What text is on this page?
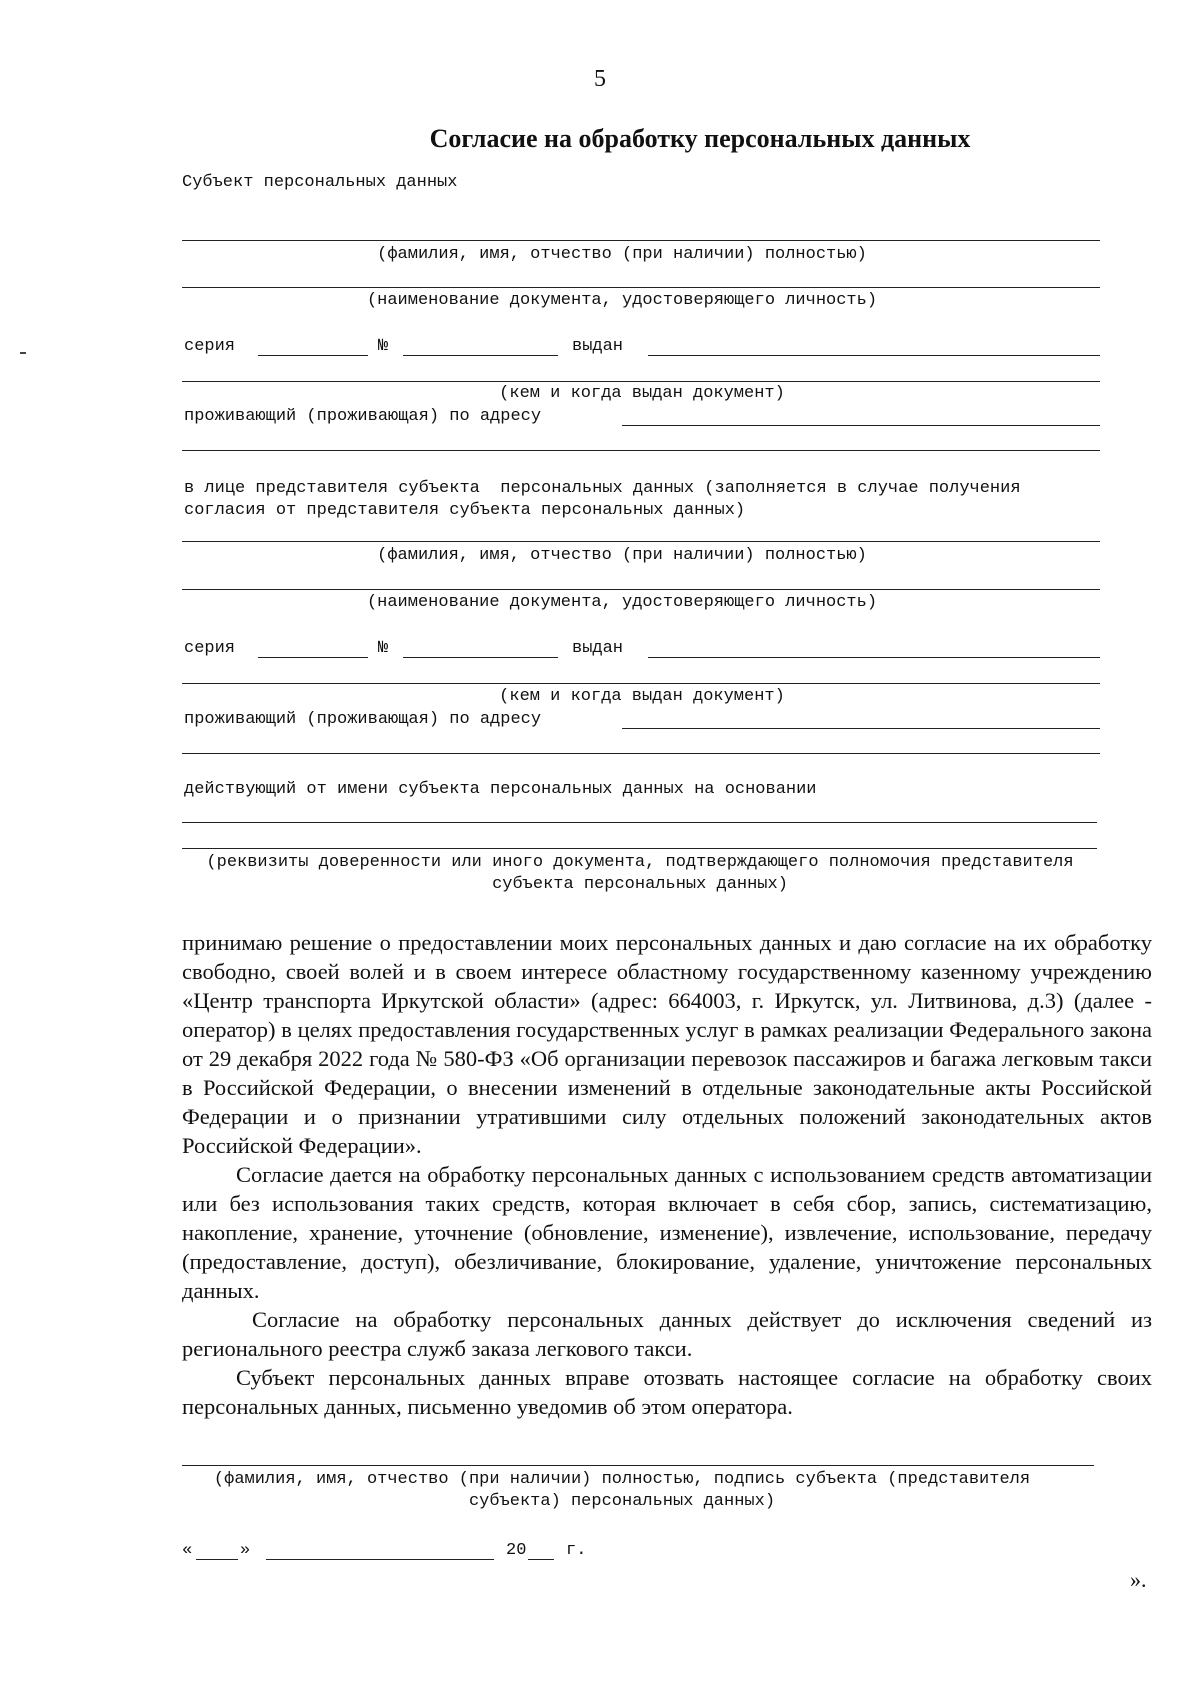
5
Согласие на обработку персональных данных
Субъект персональных данных
(фамилия, имя, отчество (при наличии) полностью)
(наименование документа, удостоверяющего личность)
серия	№	выдан
(кем и когда выдан документ)
проживающий (проживающая) по адресу
в лице представителя субъекта  персональных данных (заполняется в случае получения согласия от представителя субъекта персональных данных)
(фамилия, имя, отчество (при наличии) полностью)
(наименование документа, удостоверяющего личность)
серия	№	выдан
(кем и когда выдан документ)
проживающий (проживающая) по адресу
действующий от имени субъекта персональных данных на основании
(реквизиты доверенности или иного документа, подтверждающего полномочия представителя субъекта персональных данных)

принимаю решение о предоставлении моих персональных данных и даю согласие на их обработку свободно, своей волей и в своем интересе областному государственному казенному учреждению «Центр транспорта Иркутской области» (адрес: 664003, г. Иркутск, ул. Литвинова, д.3) (далее - оператор) в целях предоставления государственных услуг в рамках реализации Федерального закона от 29 декабря 2022 года № 580-ФЗ «Об организации перевозок пассажиров и багажа легковым такси в Российской Федерации, о внесении изменений в отдельные законодательные акты Российской Федерации и о признании утратившими силу отдельных положений законодательных актов Российской Федерации».

Согласие дается на обработку персональных данных с использованием средств автоматизации или без использования таких средств, которая включает в себя сбор, запись, систематизацию, накопление, хранение, уточнение (обновление, изменение), извлечение, использование, передачу (предоставление, доступ), обезличивание, блокирование, удаление, уничтожение персональных данных.

Согласие на обработку персональных данных действует до исключения сведений из регионального реестра служб заказа легкового такси.

Субъект персональных данных вправе отозвать настоящее согласие на обработку своих персональных данных, письменно уведомив об этом оператора.

(фамилия, имя, отчество (при наличии) полностью, подпись субъекта (представителя субъекта) персональных данных)
«	»	20 г.
».
